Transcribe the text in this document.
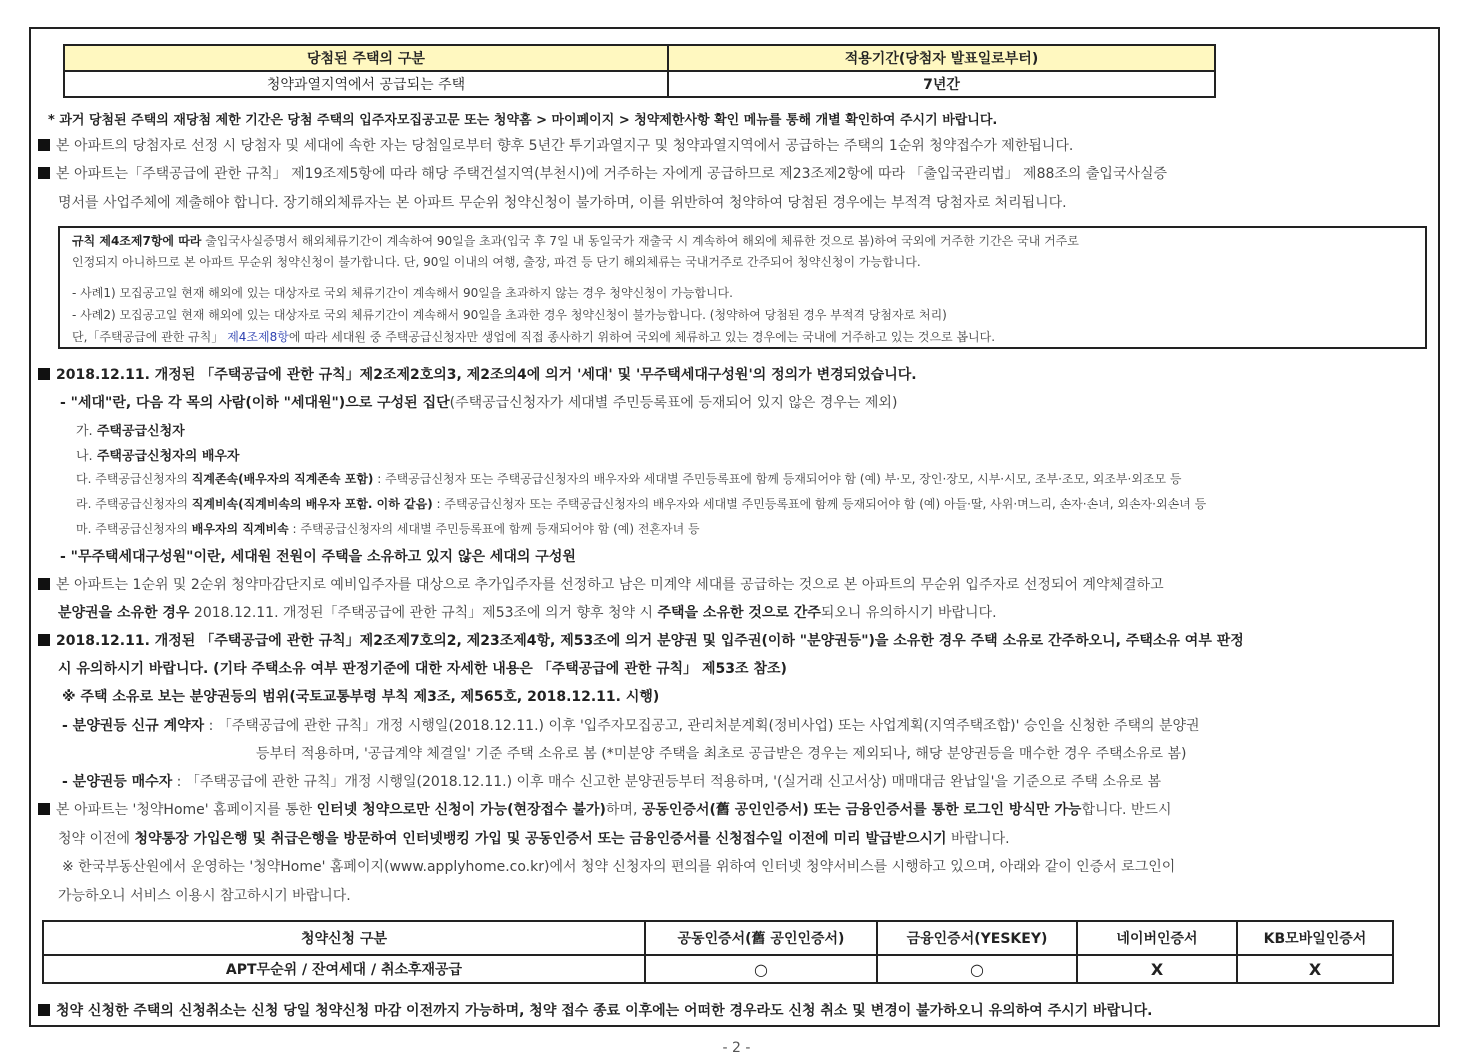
당첨된 주택의 구분	적용기간(당첨자 발표일로부터)
청약과열지역에서 공급되는 주택	7년간
* 과거 당첨된 주택의 재당첨 제한 기간은 당첨 주택의 입주자모집공고문 또는 청약홈 > 마이페이지 > 청약제한사항 확인 메뉴를 통해 개별 확인하여 주시기 바랍니다.
본 아파트의 당첨자로 선정 시 당첨자 및 세대에 속한 자는 당첨일로부터 향후 5년간 투기과열지구 및 청약과열지역에서 공급하는 주택의 1순위 청약접수가 제한됩니다.
본 아파트는「주택공급에 관한 규칙」 제19조제5항에 따라 해당 주택건설지역(부천시)에 거주하는 자에게 공급하므로 제23조제2항에 따라 「출입국관리법」 제88조의 출입국사실증
명서를 사업주체에 제출해야 합니다. 장기해외체류자는 본 아파트 무순위 청약신청이 불가하며, 이를 위반하여 청약하여 당첨된 경우에는 부적격 당첨자로 처리됩니다.
규칙 제4조제7항에 따라 출입국사실증명서 해외체류기간이 계속하여 90일을 초과(입국 후 7일 내 동일국가 재출국 시 계속하여 해외에 체류한 것으로 봄)하여 국외에 거주한 기간은 국내 거주로
인정되지 아니하므로 본 아파트 무순위 청약신청이 불가합니다. 단, 90일 이내의 여행, 출장, 파견 등 단기 해외체류는 국내거주로 간주되어 청약신청이 가능합니다.
- 사례1) 모집공고일 현재 해외에 있는 대상자로 국외 체류기간이 계속해서 90일을 초과하지 않는 경우 청약신청이 가능합니다.
- 사례2) 모집공고일 현재 해외에 있는 대상자로 국외 체류기간이 계속해서 90일을 초과한 경우 청약신청이 불가능합니다. (청약하여 당첨된 경우 부적격 당첨자로 처리)
단,「주택공급에 관한 규칙」 제4조제8항에 따라 세대원 중 주택공급신청자만 생업에 직접 종사하기 위하여 국외에 체류하고 있는 경우에는 국내에 거주하고 있는 것으로 봅니다.
2018.12.11. 개정된 「주택공급에 관한 규칙」제2조제2호의3, 제2조의4에 의거 '세대' 및 '무주택세대구성원'의 정의가 변경되었습니다.
- "세대"란, 다음 각 목의 사람(이하 "세대원")으로 구성된 집단(주택공급신청자가 세대별 주민등록표에 등재되어 있지 않은 경우는 제외)
가. 주택공급신청자
나. 주택공급신청자의 배우자
다. 주택공급신청자의 직계존속(배우자의 직계존속 포함) : 주택공급신청자 또는 주택공급신청자의 배우자와 세대별 주민등록표에 함께 등재되어야 함 (예) 부·모, 장인·장모, 시부·시모, 조부·조모, 외조부·외조모 등
라. 주택공급신청자의 직계비속(직계비속의 배우자 포함. 이하 같음) : 주택공급신청자 또는 주택공급신청자의 배우자와 세대별 주민등록표에 함께 등재되어야 함 (예) 아들·딸, 사위·며느리, 손자·손녀, 외손자·외손녀 등
마. 주택공급신청자의 배우자의 직계비속 : 주택공급신청자의 세대별 주민등록표에 함께 등재되어야 함 (예) 전혼자녀 등
- "무주택세대구성원"이란, 세대원 전원이 주택을 소유하고 있지 않은 세대의 구성원
본 아파트는 1순위 및 2순위 청약마감단지로 예비입주자를 대상으로 추가입주자를 선정하고 남은 미계약 세대를 공급하는 것으로 본 아파트의 무순위 입주자로 선정되어 계약체결하고
분양권을 소유한 경우 2018.12.11. 개정된「주택공급에 관한 규칙」제53조에 의거 향후 청약 시 주택을 소유한 것으로 간주되오니 유의하시기 바랍니다.
2018.12.11. 개정된 「주택공급에 관한 규칙」제2조제7호의2, 제23조제4항, 제53조에 의거 분양권 및 입주권(이하 "분양권등")을 소유한 경우 주택 소유로 간주하오니, 주택소유 여부 판정
시 유의하시기 바랍니다. (기타 주택소유 여부 판정기준에 대한 자세한 내용은 「주택공급에 관한 규칙」 제53조 참조)
※ 주택 소유로 보는 분양권등의 범위(국토교통부령 부칙 제3조, 제565호, 2018.12.11. 시행)
- 분양권등 신규 계약자 : 「주택공급에 관한 규칙」개정 시행일(2018.12.11.) 이후 '입주자모집공고, 관리처분계획(정비사업) 또는 사업계획(지역주택조합)' 승인을 신청한 주택의 분양권
등부터 적용하며, '공급계약 체결일' 기준 주택 소유로 봄 (*미분양 주택을 최초로 공급받은 경우는 제외되나, 해당 분양권등을 매수한 경우 주택소유로 봄)
- 분양권등 매수자 : 「주택공급에 관한 규칙」개정 시행일(2018.12.11.) 이후 매수 신고한 분양권등부터 적용하며, '(실거래 신고서상) 매매대금 완납일'을 기준으로 주택 소유로 봄
본 아파트는 '청약Home' 홈페이지를 통한 인터넷 청약으로만 신청이 가능(현장접수 불가)하며, 공동인증서(舊 공인인증서) 또는 금융인증서를 통한 로그인 방식만 가능합니다. 반드시
청약 이전에 청약통장 가입은행 및 취급은행을 방문하여 인터넷뱅킹 가입 및 공동인증서 또는 금융인증서를 신청접수일 이전에 미리 발급받으시기 바랍니다.
※ 한국부동산원에서 운영하는 '청약Home' 홈페이지(www.applyhome.co.kr)에서 청약 신청자의 편의를 위하여 인터넷 청약서비스를 시행하고 있으며, 아래와 같이 인증서 로그인이
가능하오니 서비스 이용시 참고하시기 바랍니다.
청약신청 구분	공동인증서(舊 공인인증서)	금융인증서(YESKEY)	네이버인증서	KB모바일인증서
APT무순위 / 잔여세대 / 취소후재공급	○	○	X	X
청약 신청한 주택의 신청취소는 신청 당일 청약신청 마감 이전까지 가능하며, 청약 접수 종료 이후에는 어떠한 경우라도 신청 취소 및 변경이 불가하오니 유의하여 주시기 바랍니다.
- 2 -
